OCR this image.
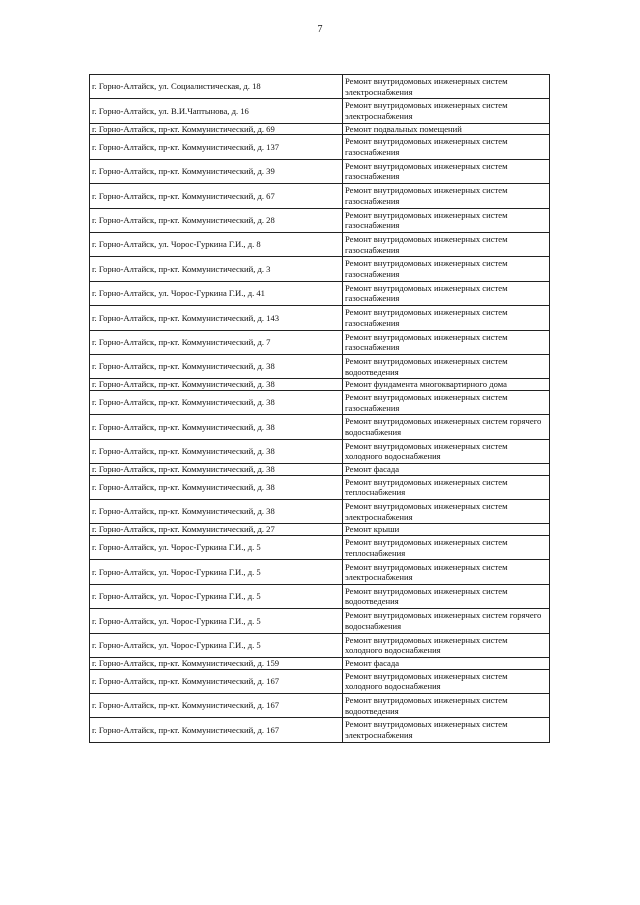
7
г. Горно-Алтайск, ул. Социалистическая, д. 18	Ремонт внутридомовых инженерных систем электроснабжения
г. Горно-Алтайск, ул. В.И.Чаптынова, д. 16	Ремонт внутридомовых инженерных систем электроснабжения
г. Горно-Алтайск, пр-кт. Коммунистический, д. 69	Ремонт подвальных помещений
г. Горно-Алтайск, пр-кт. Коммунистический, д. 137	Ремонт внутридомовых инженерных систем газоснабжения
г. Горно-Алтайск, пр-кт. Коммунистический, д. 39	Ремонт внутридомовых инженерных систем газоснабжения
г. Горно-Алтайск, пр-кт. Коммунистический, д. 67	Ремонт внутридомовых инженерных систем газоснабжения
г. Горно-Алтайск, пр-кт. Коммунистический, д. 28	Ремонт внутридомовых инженерных систем газоснабжения
г. Горно-Алтайск, ул. Чорос-Гуркина Г.И., д. 8	Ремонт внутридомовых инженерных систем газоснабжения
г. Горно-Алтайск, пр-кт. Коммунистический, д. 3	Ремонт внутридомовых инженерных систем газоснабжения
г. Горно-Алтайск, ул. Чорос-Гуркина Г.И., д. 41	Ремонт внутридомовых инженерных систем газоснабжения
г. Горно-Алтайск, пр-кт. Коммунистический, д. 143	Ремонт внутридомовых инженерных систем газоснабжения
г. Горно-Алтайск, пр-кт. Коммунистический, д. 7	Ремонт внутридомовых инженерных систем газоснабжения
г. Горно-Алтайск, пр-кт. Коммунистический, д. 38	Ремонт внутридомовых инженерных систем водоотведения
г. Горно-Алтайск, пр-кт. Коммунистический, д. 38	Ремонт фундамента многоквартирного дома
г. Горно-Алтайск, пр-кт. Коммунистический, д. 38	Ремонт внутридомовых инженерных систем газоснабжения
г. Горно-Алтайск, пр-кт. Коммунистический, д. 38	Ремонт внутридомовых инженерных систем горячего водоснабжения
г. Горно-Алтайск, пр-кт. Коммунистический, д. 38	Ремонт внутридомовых инженерных систем холодного водоснабжения
г. Горно-Алтайск, пр-кт. Коммунистический, д. 38	Ремонт фасада
г. Горно-Алтайск, пр-кт. Коммунистический, д. 38	Ремонт внутридомовых инженерных систем теплоснабжения
г. Горно-Алтайск, пр-кт. Коммунистический, д. 38	Ремонт внутридомовых инженерных систем электроснабжения
г. Горно-Алтайск, пр-кт. Коммунистический, д. 27	Ремонт крыши
г. Горно-Алтайск, ул. Чорос-Гуркина Г.И., д. 5	Ремонт внутридомовых инженерных систем теплоснабжения
г. Горно-Алтайск, ул. Чорос-Гуркина Г.И., д. 5	Ремонт внутридомовых инженерных систем электроснабжения
г. Горно-Алтайск, ул. Чорос-Гуркина Г.И., д. 5	Ремонт внутридомовых инженерных систем водоотведения
г. Горно-Алтайск, ул. Чорос-Гуркина Г.И., д. 5	Ремонт внутридомовых инженерных систем горячего водоснабжения
г. Горно-Алтайск, ул. Чорос-Гуркина Г.И., д. 5	Ремонт внутридомовых инженерных систем холодного водоснабжения
г. Горно-Алтайск, пр-кт. Коммунистический, д. 159	Ремонт фасада
г. Горно-Алтайск, пр-кт. Коммунистический, д. 167	Ремонт внутридомовых инженерных систем холодного водоснабжения
г. Горно-Алтайск, пр-кт. Коммунистический, д. 167	Ремонт внутридомовых инженерных систем водоотведения
г. Горно-Алтайск, пр-кт. Коммунистический, д. 167	Ремонт внутридомовых инженерных систем электроснабжения
